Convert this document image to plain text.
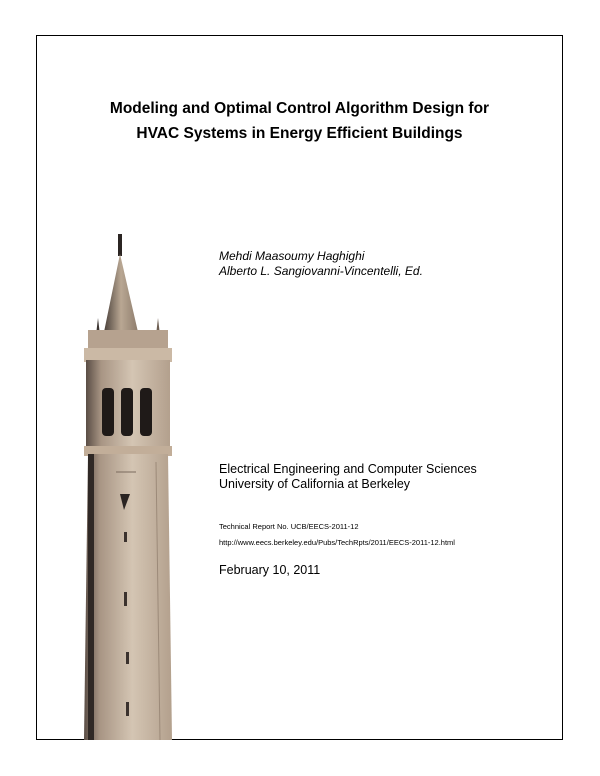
Modeling and Optimal Control Algorithm Design for
HVAC Systems in Energy Efficient Buildings
Mehdi Maasoumy Haghighi
Alberto L. Sangiovanni-Vincentelli, Ed.
Electrical Engineering and Computer Sciences
University of California at Berkeley
Technical Report No. UCB/EECS-2011-12
http://www.eecs.berkeley.edu/Pubs/TechRpts/2011/EECS-2011-12.html
February 10, 2011
